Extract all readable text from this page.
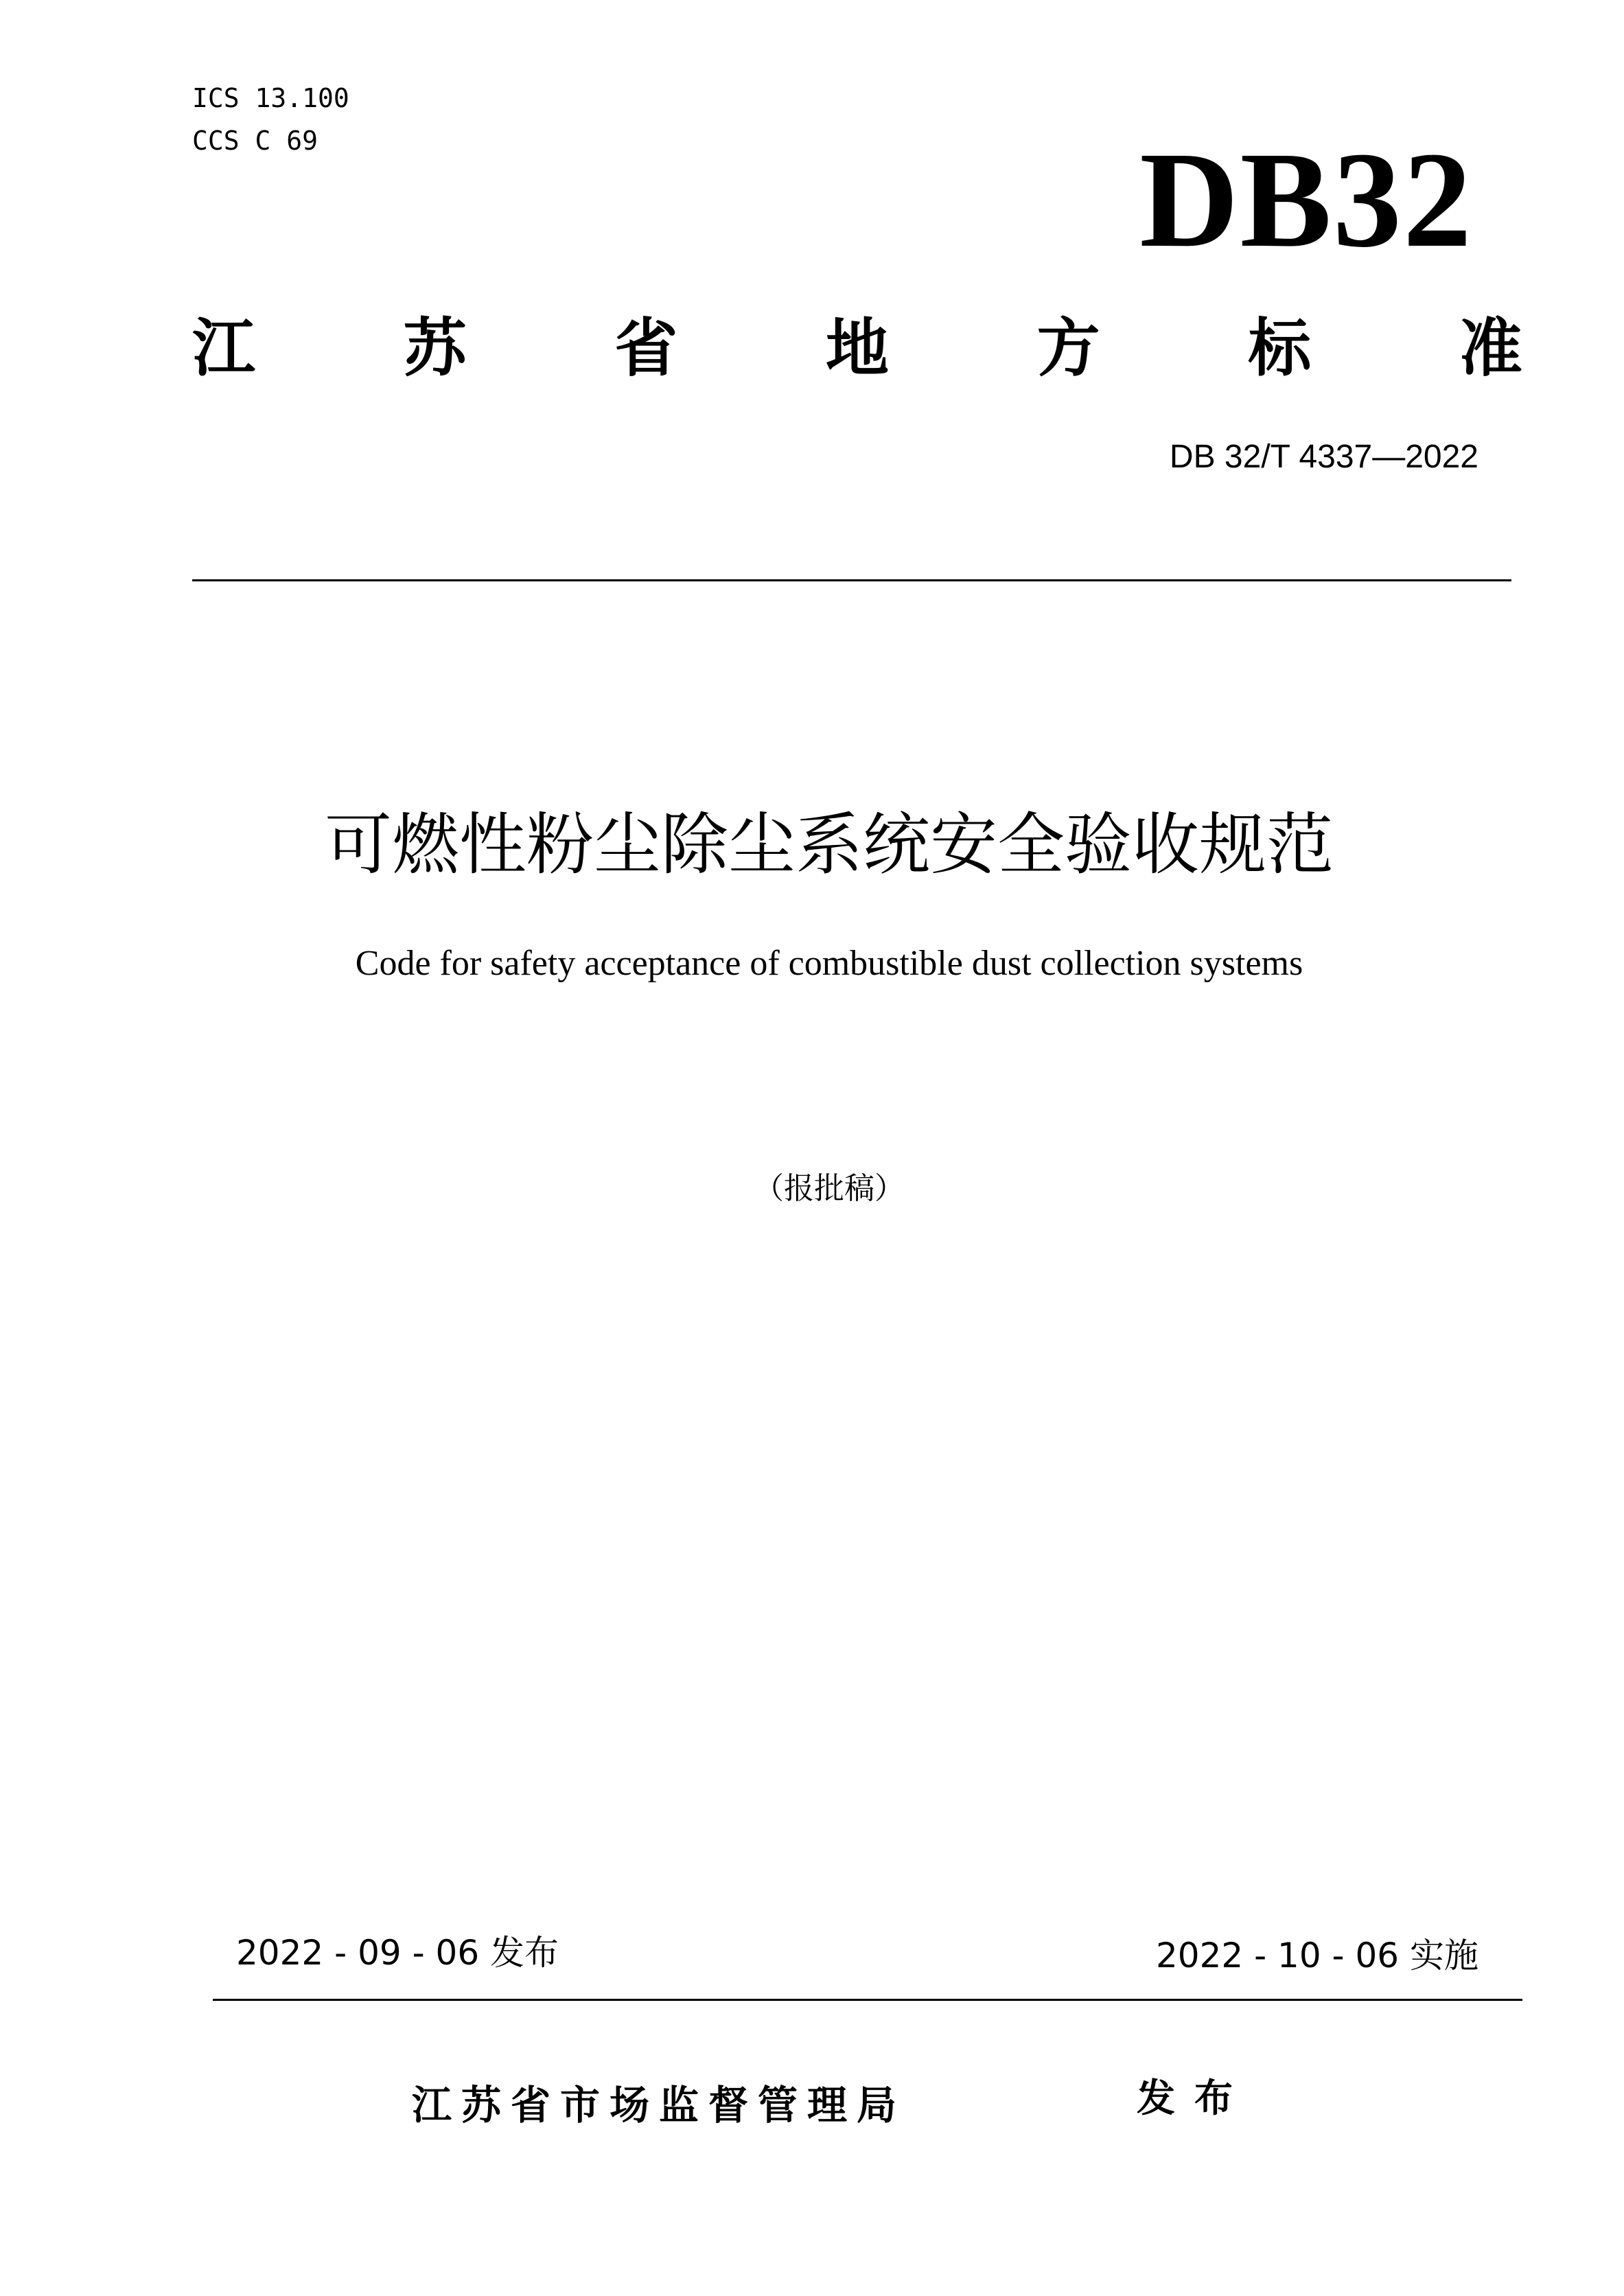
ICS 13.100
CCS C 69	DB32
江 苏 省 地 方 标 准
DB 32/T 4337—2022
可燃性粉尘除尘系统安全验收规范
Code for safety acceptance of combustible dust collection systems
（报批稿）
2022 - 09 - 06 发布	2022 - 10 - 06 实施
江苏省市场监督管理局	发布
